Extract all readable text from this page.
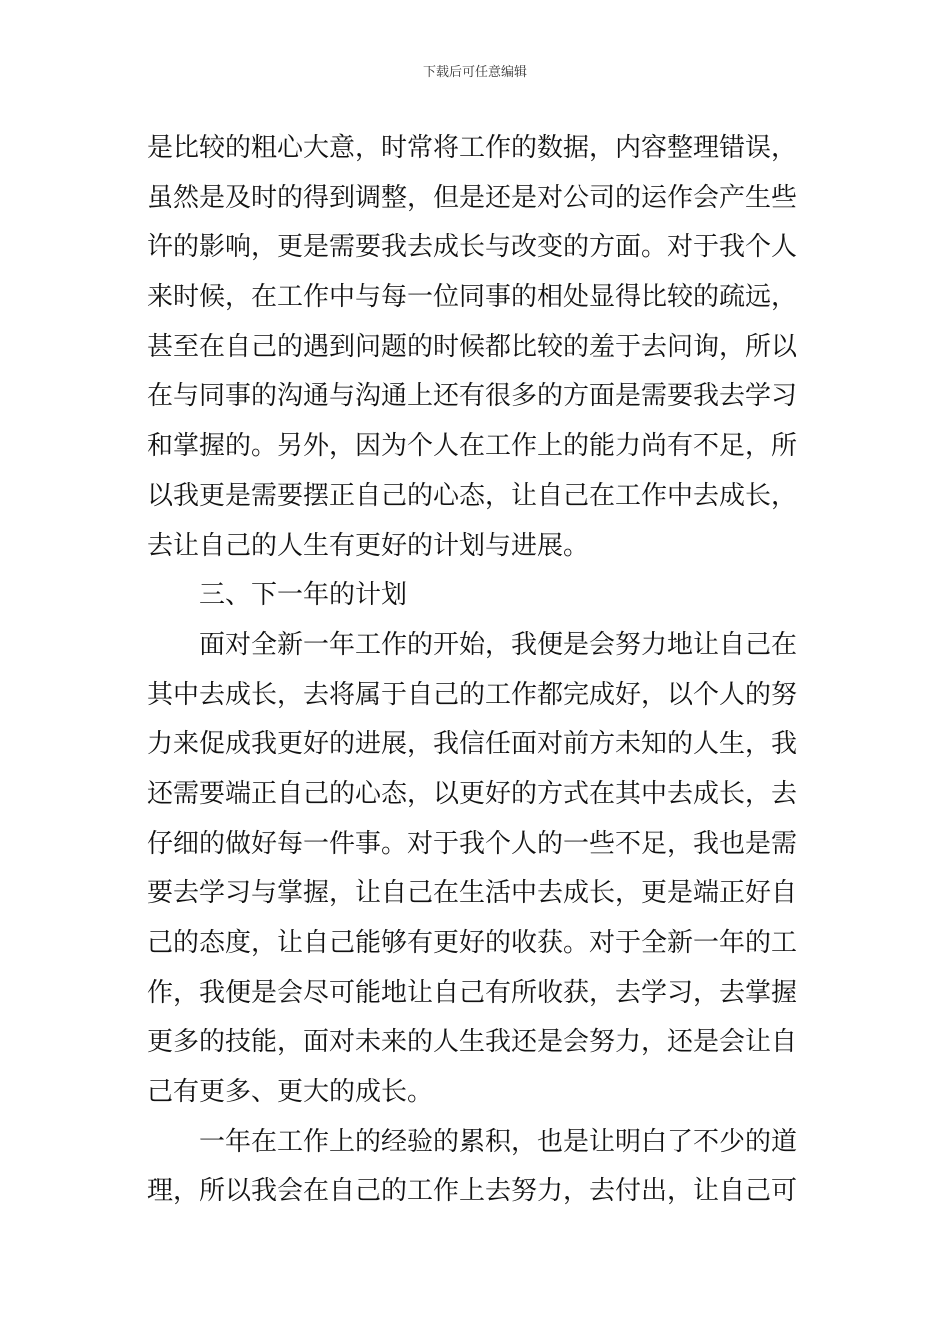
下载后可任意编辑
是比较的粗心大意，时常将工作的数据，内容整理错误，
虽然是及时的得到调整，但是还是对公司的运作会产生些
许的影响，更是需要我去成长与改变的方面。对于我个人
来时候，在工作中与每一位同事的相处显得比较的疏远，
甚至在自己的遇到问题的时候都比较的羞于去问询，所以
在与同事的沟通与沟通上还有很多的方面是需要我去学习
和掌握的。另外，因为个人在工作上的能力尚有不足，所
以我更是需要摆正自己的心态，让自己在工作中去成长，
去让自己的人生有更好的计划与进展。
三、下一年的计划
面对全新一年工作的开始，我便是会努力地让自己在
其中去成长，去将属于自己的工作都完成好，以个人的努
力来促成我更好的进展，我信任面对前方未知的人生，我
还需要端正自己的心态，以更好的方式在其中去成长，去
仔细的做好每一件事。对于我个人的一些不足，我也是需
要去学习与掌握，让自己在生活中去成长，更是端正好自
己的态度，让自己能够有更好的收获。对于全新一年的工
作，我便是会尽可能地让自己有所收获，去学习，去掌握
更多的技能，面对未来的人生我还是会努力，还是会让自
己有更多、更大的成长。
一年在工作上的经验的累积，也是让明白了不少的道
理，所以我会在自己的工作上去努力，去付出，让自己可
